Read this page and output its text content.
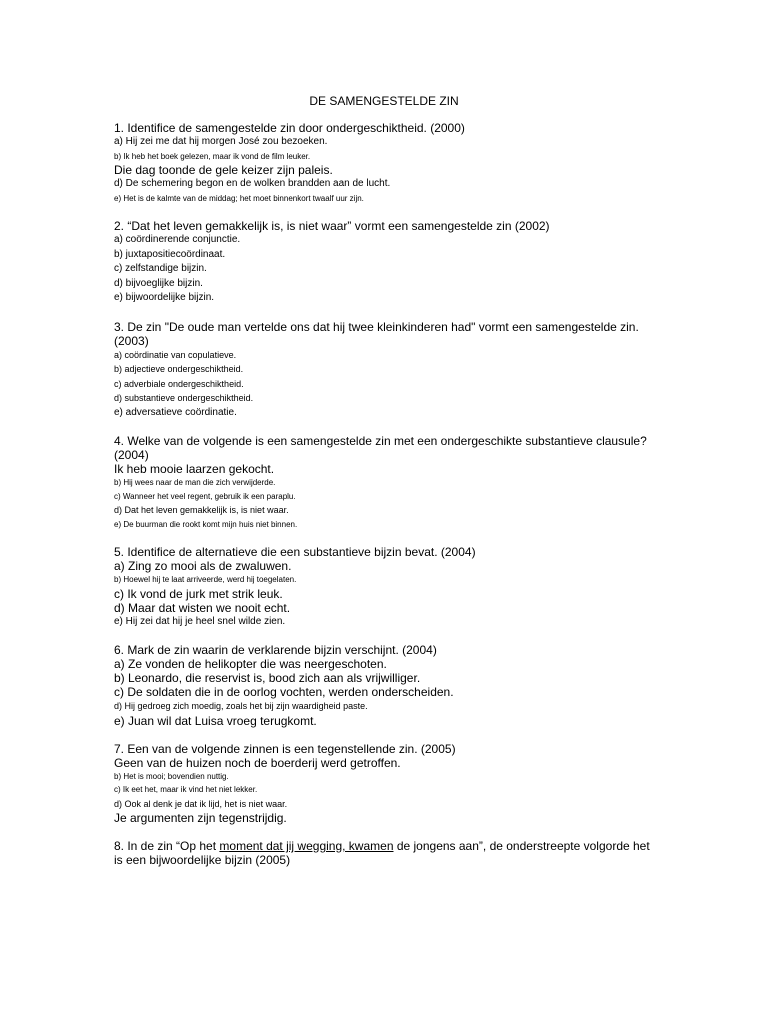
DE SAMENGESTELDE ZIN

1. Identifice de samengestelde zin door ondergeschiktheid. (2000)

a) Hij zei me dat hij morgen José zou bezoeken.

b) Ik heb het boek gelezen, maar ik vond de film leuker.

Die dag toonde de gele keizer zijn paleis.

d) De schemering begon en de wolken brandden aan de lucht.

e) Het is de kalmte van de middag; het moet binnenkort twaalf uur zijn.

2. “Dat het leven gemakkelijk is, is niet waar” vormt een samengestelde zin (2002)

a) coördinerende conjunctie.

b) juxtapositiecoördinaat.

c) zelfstandige bijzin.

d) bijvoeglijke bijzin.

e) bijwoordelijke bijzin.

3. De zin "De oude man vertelde ons dat hij twee kleinkinderen had" vormt een samengestelde zin. (2003)

a) coördinatie van copulatieve.

b) adjectieve ondergeschiktheid.

c) adverbiale ondergeschiktheid.

d) substantieve ondergeschiktheid.

e) adversatieve coördinatie.

4. Welke van de volgende is een samengestelde zin met een ondergeschikte substantieve clausule? (2004)

Ik heb mooie laarzen gekocht.

b) Hij wees naar de man die zich verwijderde.

c) Wanneer het veel regent, gebruik ik een paraplu.

d) Dat het leven gemakkelijk is, is niet waar.

e) De buurman die rookt komt mijn huis niet binnen.

5. Identifice de alternatieve die een substantieve bijzin bevat. (2004)

a) Zing zo mooi als de zwaluwen.

b) Hoewel hij te laat arriveerde, werd hij toegelaten.

c) Ik vond de jurk met strik leuk.

d) Maar dat wisten we nooit echt.

e) Hij zei dat hij je heel snel wilde zien.

6. Mark de zin waarin de verklarende bijzin verschijnt. (2004)

a) Ze vonden de helikopter die was neergeschoten.

b) Leonardo, die reservist is, bood zich aan als vrijwilliger.

c) De soldaten die in de oorlog vochten, werden onderscheiden.

d) Hij gedroeg zich moedig, zoals het bij zijn waardigheid paste.

e) Juan wil dat Luisa vroeg terugkomt.

7. Een van de volgende zinnen is een tegenstellende zin. (2005)

Geen van de huizen noch de boerderij werd getroffen.

b) Het is mooi; bovendien nuttig.

c) Ik eet het, maar ik vind het niet lekker.

d) Ook al denk je dat ik lijd, het is niet waar.

Je argumenten zijn tegenstrijdig.

8. In de zin “Op het moment dat jij wegging, kwamen de jongens aan”, de onderstreepte volgorde het is een bijwoordelijke bijzin (2005)
